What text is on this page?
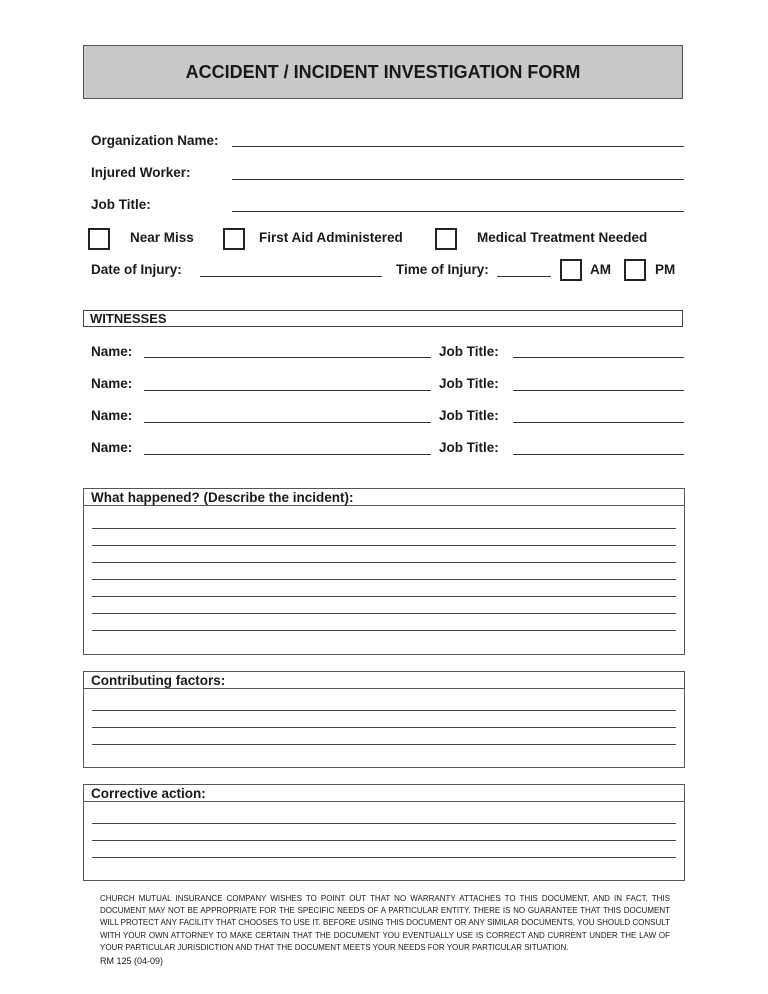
ACCIDENT / INCIDENT INVESTIGATION FORM
Organization Name:
Injured Worker:
Job Title:
Near Miss	First Aid Administered	Medical Treatment Needed
Date of Injury:	Time of Injury:	AM	PM
WITNESSES
Name:	Job Title:
Name:	Job Title:
Name:	Job Title:
Name:	Job Title:
What happened? (Describe the incident):
Contributing factors:
Corrective action:
CHURCH MUTUAL INSURANCE COMPANY WISHES TO POINT OUT THAT NO WARRANTY ATTACHES TO THIS DOCUMENT, AND IN FACT, THIS DOCUMENT MAY NOT BE APPROPRIATE FOR THE SPECIFIC NEEDS OF A PARTICULAR ENTITY. THERE IS NO GUARANTEE THAT THIS DOCUMENT WILL PROTECT ANY FACILITY THAT CHOOSES TO USE IT. BEFORE USING THIS DOCUMENT OR ANY SIMILAR DOCUMENTS, YOU SHOULD CONSULT WITH YOUR OWN ATTORNEY TO MAKE CERTAIN THAT THE DOCUMENT YOU EVENTUALLY USE IS CORRECT AND CURRENT UNDER THE LAW OF YOUR PARTICULAR JURISDICTION AND THAT THE DOCUMENT MEETS YOUR NEEDS FOR YOUR PARTICULAR SITUATION.
RM 125 (04-09)
